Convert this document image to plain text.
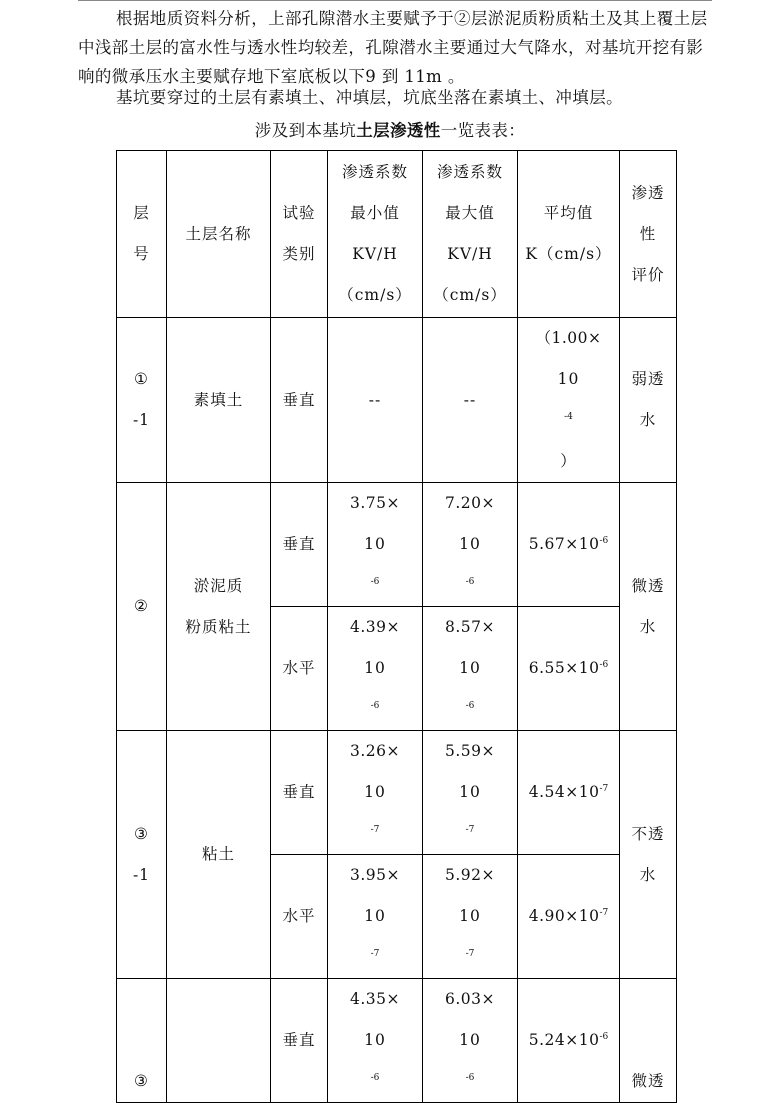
根据地质资料分析，上部孔隙潜水主要赋予于②层淤泥质粉质粘土及其上覆土层中浅部土层的富水性与透水性均较差，孔隙潜水主要通过大气降水，对基坑开挖有影响的微承压水主要赋存地下室底板以下9 到 11m 。

基坑要穿过的土层有素填土、冲填层，坑底坐落在素填土、冲填层。

涉及到本基坑土层渗透性一览表表：
层
号	土层名称	试验
类别	渗透系数
最小值
KV/H
（cm/s）	渗透系数
最大值
KV/H
（cm/s）	平均值
K（cm/s）	渗透
性
评价

①
-1	素填土	垂直	--	--	（1.00×
10
$^{-4}$
）	弱透
水

②	淤泥质
粉质粘土	垂直	3.75×
10
$^{-6}$	7.20×
10
$^{-6}$	$5.67\times 10^{-6}$	微透
水

		水平	4.39×
10
$^{-6}$	8.57×
10
$^{-6}$	$6.55\times 10^{-6}$

③
-1	粘土	垂直	3.26×
10
$^{-7}$	5.59×
10
$^{-7}$	$4.54\times 10^{-7}$	不透
水

		水平	3.95×
10
$^{-7}$	5.92×
10
$^{-7}$	$4.90\times 10^{-7}$
③		垂直	4.35×
10
$^{-6}$	6.03×
10
$^{-6}$	$5.24\times 10^{-6}$	微透
